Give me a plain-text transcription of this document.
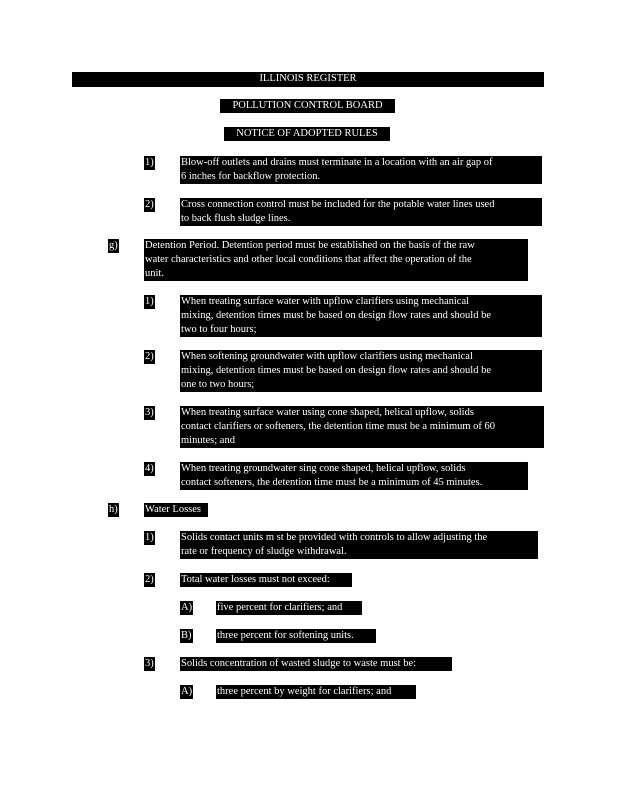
ILLINOIS REGISTER
POLLUTION CONTROL BOARD
NOTICE OF ADOPTED RULES
1)	Blow-off outlets and drains must terminate in a location with an air gap of
6 inches for backflow protection.
2)	Cross connection control must be included for the potable water lines used
to back flush sludge lines.
g)	Detention Period. Detention period must be established on the basis of the raw
water characteristics and other local conditions that affect the operation of the
unit.
1)	When treating surface water with upflow clarifiers using mechanical
mixing, detention times must be based on design flow rates and should be
two to four hours;
2)	When softening groundwater with upflow clarifiers using mechanical
mixing, detention times must be based on design flow rates and should be
one to two hours;
3)	When treating surface water using cone shaped, helical upflow, solids
contact clarifiers or softeners, the detention time must be a minimum of 60
minutes; and
4)	When treating groundwater sing cone shaped, helical upflow, solids
contact softeners, the detention time must be a minimum of 45 minutes.
h)	Water Losses
1)	Solids contact units m st be provided with controls to allow adjusting the
rate or frequency of sludge withdrawal.
2)	Total water losses must not exceed:
A) five percent for clarifiers; and
B) three percent for softening units.
3)	Solids concentration of wasted sludge to waste must be:
A) three percent by weight for clarifiers; and
